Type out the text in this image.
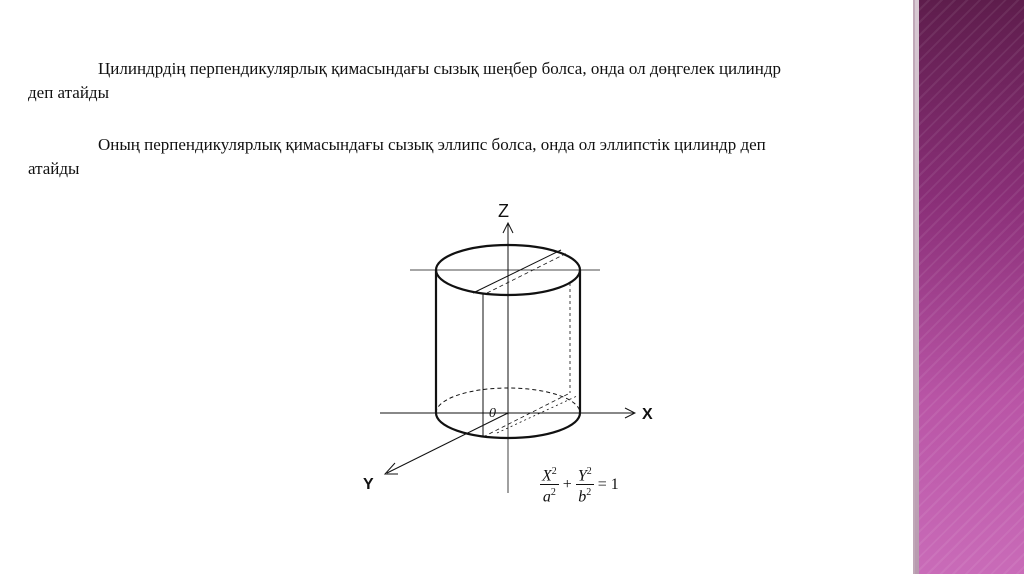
Цилиндрдің перпендикулярлық қимасындағы сызық шеңбер болса, онда ол дөңгелек цилиндр
деп атайды
Оның перпендикулярлық қимасындағы сызық эллипс болса, онда ол эллипстік цилиндр деп
атайды
Z
X
Y
0
$\frac{X^2}{a^2} + \frac{Y^2}{b^2} = 1$
